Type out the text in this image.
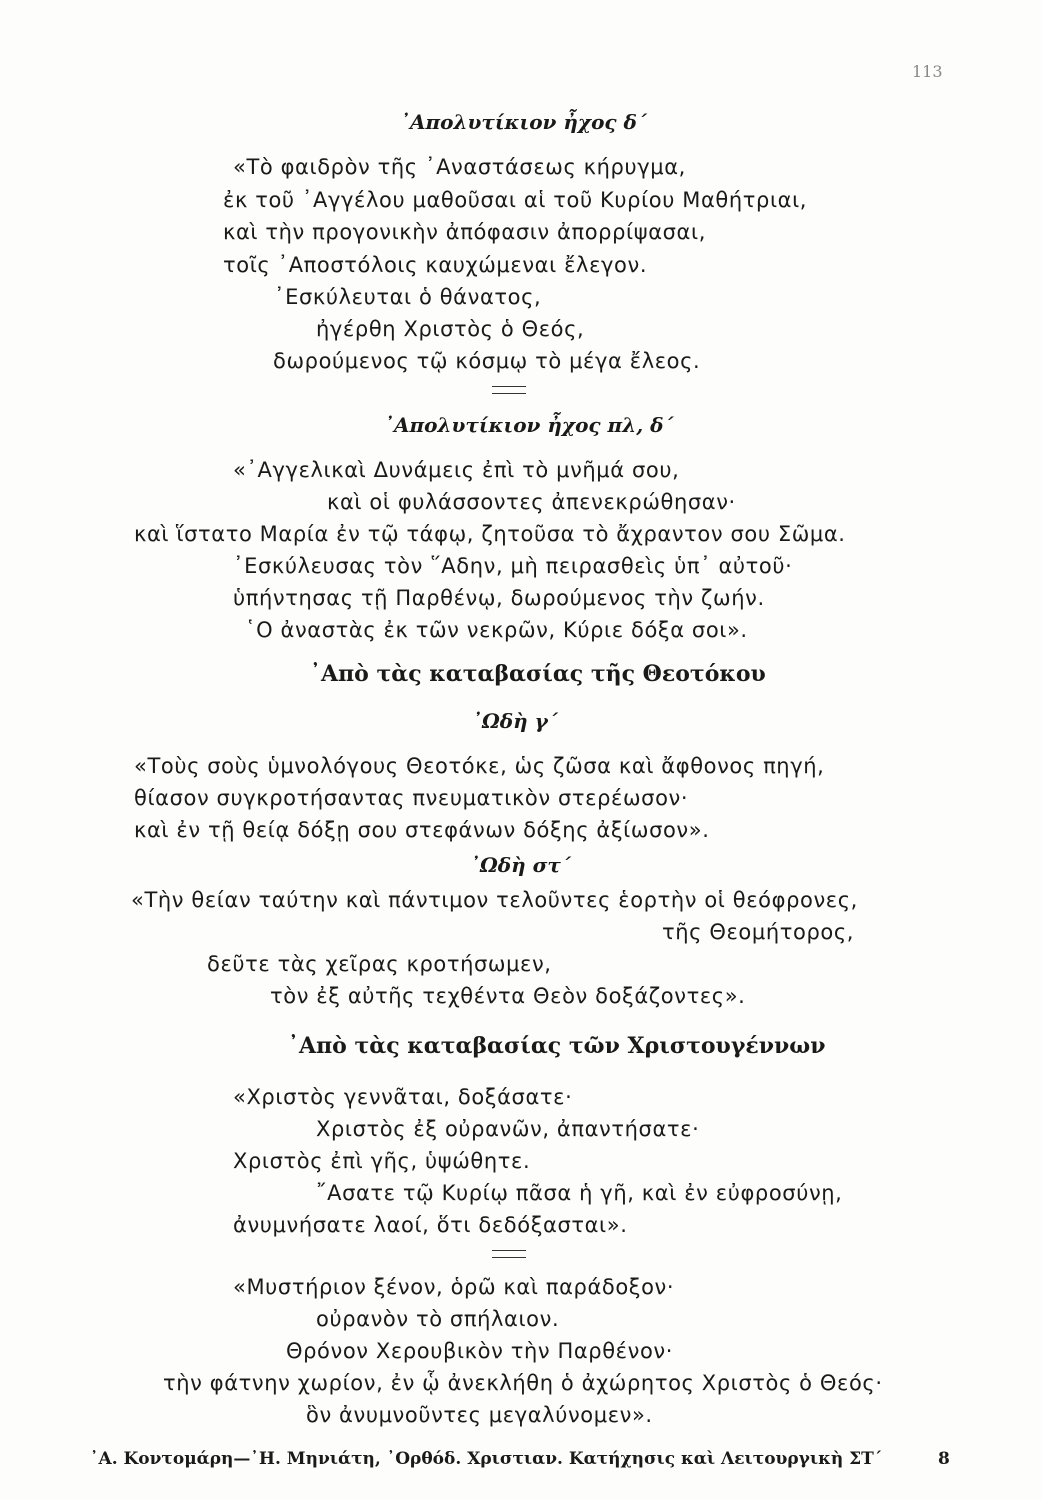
113
᾿Απολυτίκιον ἦχος δ΄
«Τὸ φαιδρὸν τῆς ᾿Αναστάσεως κήρυγμα,
ἐκ τοῦ ᾿Αγγέλου μαθοῦσαι αἱ τοῦ Κυρίου Μαθήτριαι,
καὶ τὴν προγονικὴν ἀπόφασιν ἀπορρίψασαι,
τοῖς ᾿Αποστόλοις καυχώμεναι ἔλεγον.
᾿Εσκύλευται ὁ θάνατος,
ἠγέρθη Χριστὸς ὁ Θεός,
δωρούμενος τῷ κόσμῳ τὸ μέγα ἔλεος.
᾿Απολυτίκιον ἦχος πλ, δ΄
«᾿Αγγελικαὶ Δυνάμεις ἐπὶ τὸ μνῆμά σου,
καὶ οἱ φυλάσσοντες ἀπενεκρώθησαν·
καὶ ἵστατο Μαρία ἐν τῷ τάφῳ, ζητοῦσα τὸ ἄχραντον σου Σῶμα.
᾿Εσκύλευσας τὸν ῞Αδην, μὴ πειρασθεὶς ὑπ᾿ αὐτοῦ·
ὑπήντησας τῇ Παρθένῳ, δωρούμενος τὴν ζωήν.
῾Ο ἀναστὰς ἐκ τῶν νεκρῶν, Κύριε δόξα σοι».
᾿Απὸ τὰς καταβασίας τῆς Θεοτόκου
᾿Ωδὴ γ΄
«Τοὺς σοὺς ὑμνολόγους Θεοτόκε, ὡς ζῶσα καὶ ἄφθονος πηγή,
θίασον συγκροτήσαντας πνευματικὸν στερέωσον·
καὶ ἐν τῇ θείᾳ δόξῃ σου στεφάνων δόξης ἀξίωσον».
᾿Ωδὴ στ΄
«Τὴν θείαν ταύτην καὶ πάντιμον τελοῦντες ἑορτὴν οἱ θεόφρονες,
τῆς Θεομήτορος,
δεῦτε τὰς χεῖρας κροτήσωμεν,
τὸν ἐξ αὐτῆς τεχθέντα Θεὸν δοξάζοντες».
᾿Απὸ τὰς καταβασίας τῶν Χριστουγέννων
«Χριστὸς γεννᾶται, δοξάσατε·
Χριστὸς ἐξ οὐρανῶν, ἀπαντήσατε·
Χριστὸς ἐπὶ γῆς, ὑψώθητε.
῎Ασατε τῷ Κυρίῳ πᾶσα ἡ γῆ, καὶ ἐν εὐφροσύνῃ,
ἀνυμνήσατε λαοί, ὅτι δεδόξασται».
«Μυστήριον ξένον, ὁρῶ καὶ παράδοξον·
οὐρανὸν τὸ σπήλαιον.
Θρόνον Χερουβικὸν τὴν Παρθένον·
τὴν φάτνην χωρίον, ἐν ᾧ ἀνεκλήθη ὁ ἀχώρητος Χριστὸς ὁ Θεός·
ὃν ἀνυμνοῦντες μεγαλύνομεν».
᾿Α. Κοντομάρη—᾿Η. Μηνιάτη, ᾿Ορθόδ. Χριστιαν. Κατήχησις καὶ Λειτουργικὴ ΣΤ΄	8
